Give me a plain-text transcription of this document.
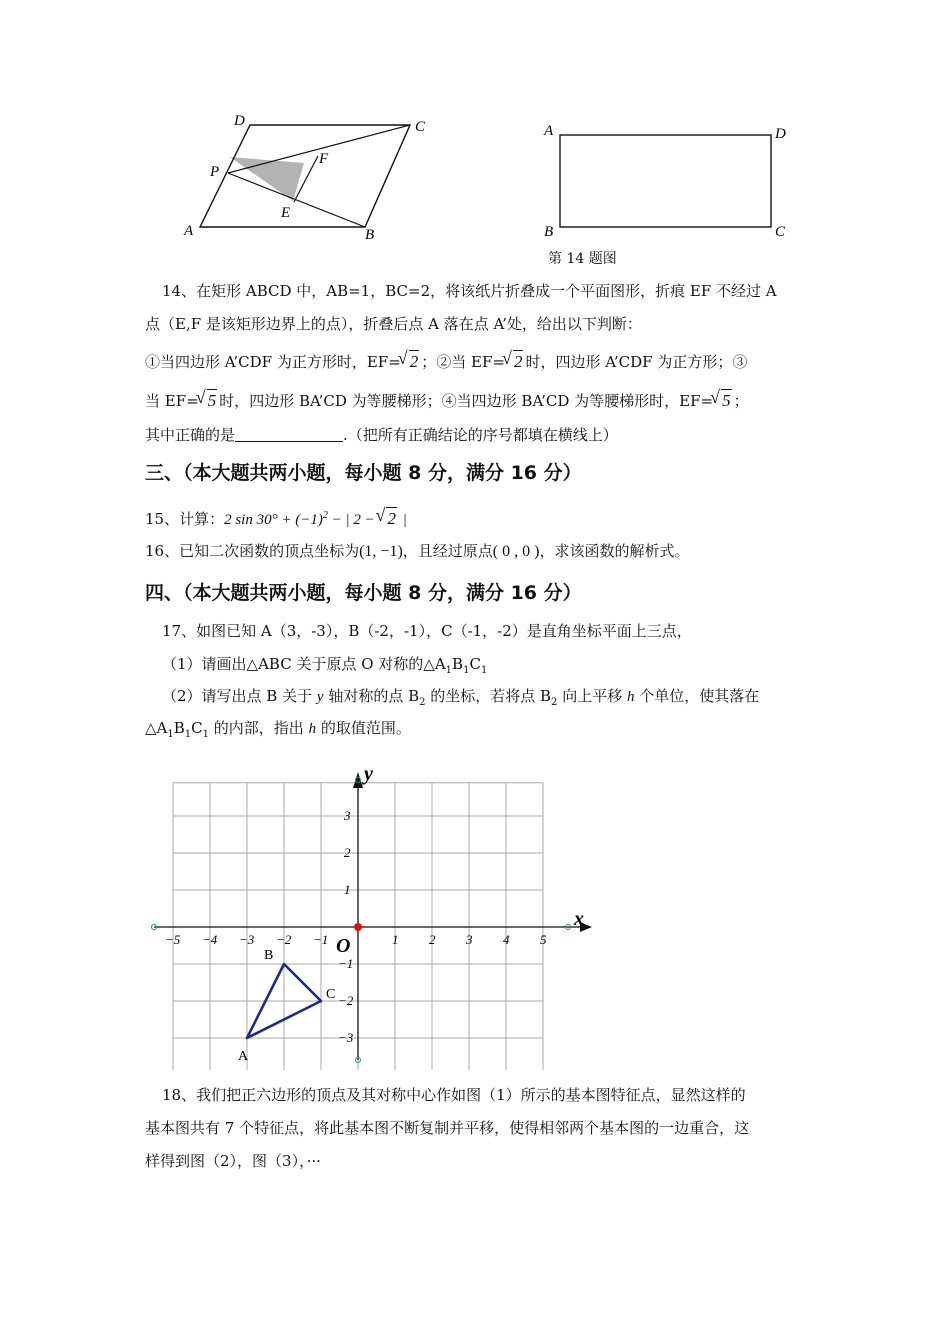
D	C
P
F
E
A	B
A	D
B	C
第 14 题图
14、在矩形 ABCD 中，AB=1，BC=2，将该纸片折叠成一个平面图形，折痕 EF 不经过 A
点（E,F 是该矩形边界上的点），折叠后点 A 落在点 A’处，给出以下判断：
①当四边形 A’CDF 为正方形时，EF= √ 2 ；②当 EF= √ 2 时，四边形 A’CDF 为正方形；③
当 EF= √ 5 时，四边形 BA’CD 为等腰梯形；④当四边形 BA’CD 为等腰梯形时，EF= √ 5 ；
其中正确的是	.（把所有正确结论的序号都填在横线上）
三、（本大题共两小题，每小题 8 分，满分 16 分）
15、计算：2 $\sin 30^\circ + (-1)^2$ − | 2 − √ 2 |
16、已知二次函数的顶点坐标为(1, −1)，且经过原点( 0 , 0 )，求该函数的解析式。
四、（本大题共两小题，每小题 8 分，满分 16 分）
17、如图已知 A（3，-3），B（-2，-1），C（-1，-2）是直角坐标平面上三点，
（1）请画出△ABC 关于原点 O 对称的$\triangle A_1B_1C_1$
（2）请写出点 B 关于 y 轴对称的点 $B_2$ 的坐标，若将点 $B_2$ 向上平移 h 个单位，使其落在
$\triangle A_1B_1C_1$ 的内部，指出 h 的取值范围。
x
y
O
−5 −4 −3 −2 −1	1 2 3 4 5
3
2
1
−1
−2
−3
A
B
C
18、我们把正六边形的顶点及其对称中心作如图（1）所示的基本图特征点，显然这样的
基本图共有 7 个特征点，将此基本图不断复制并平移，使得相邻两个基本图的一边重合，这
样得到图（2），图（3），···
